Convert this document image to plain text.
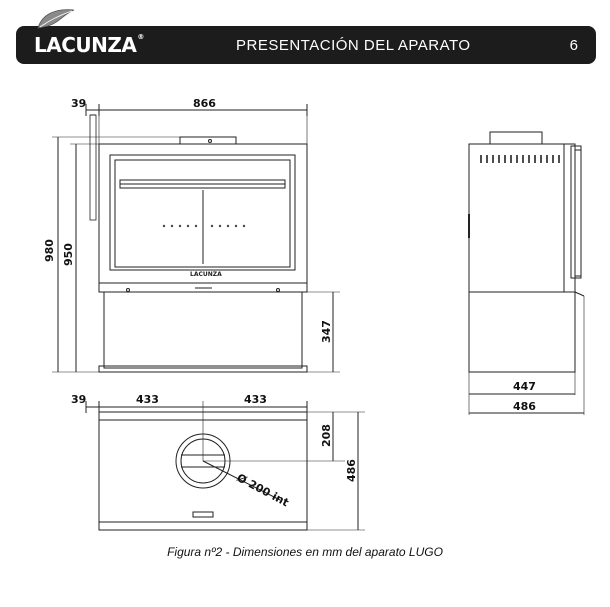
LACUNZA®	PRESENTACIÓN DEL APARATO	6
39	866
980 950
347
LACUNZA
447
486
39	433	433
208
486
Ø 200 int
Figura nº2 - Dimensiones en mm del aparato LUGO
